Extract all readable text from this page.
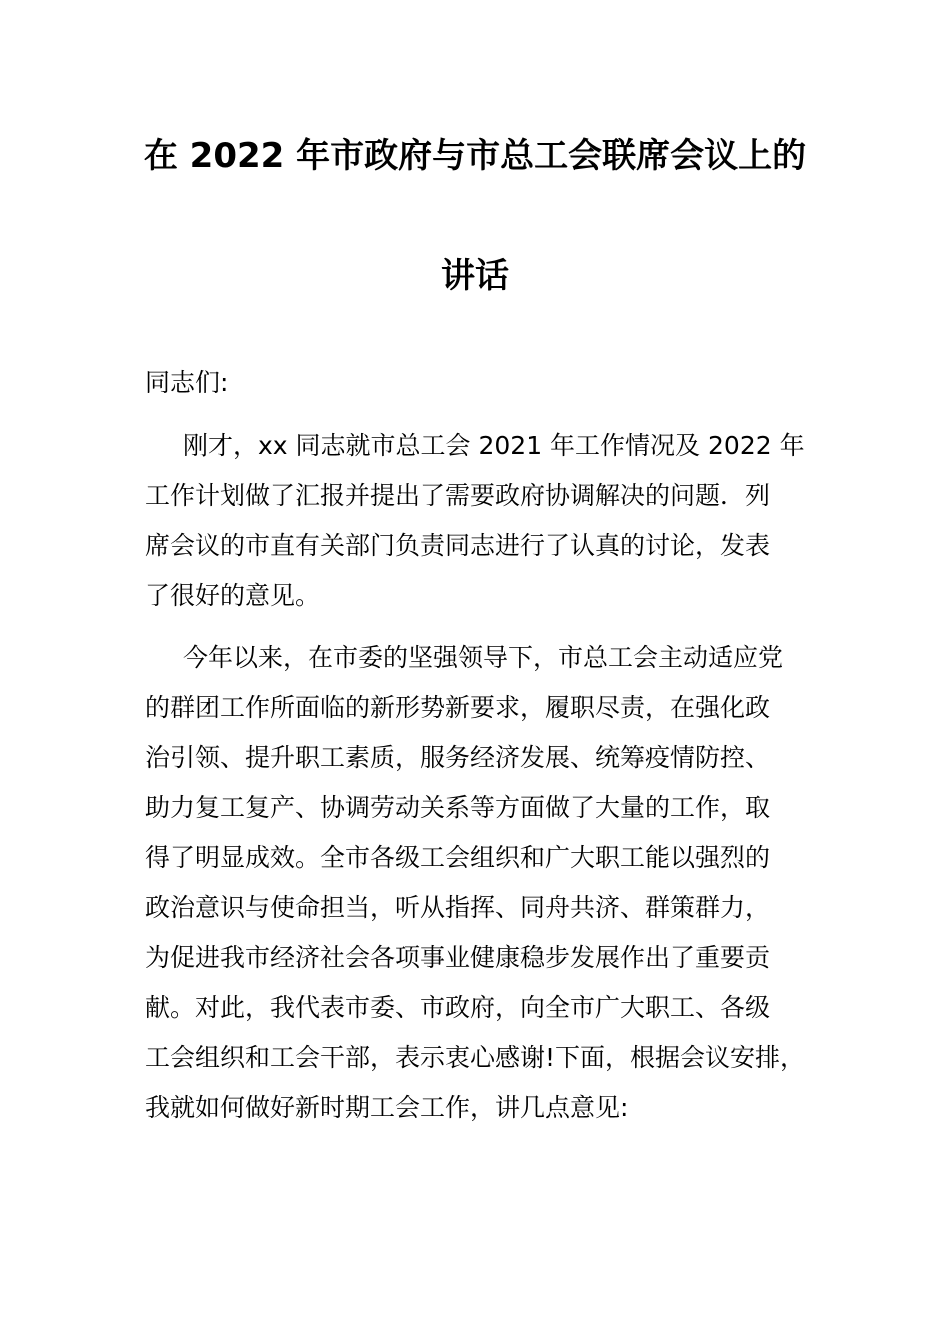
在 2022 年市政府与市总工会联席会议上的
讲话
同志们:
刚才，xx 同志就市总工会 2021 年工作情况及 2022 年
工作计划做了汇报并提出了需要政府协调解决的问题．列
席会议的市直有关部门负责同志进行了认真的讨论，发表
了很好的意见。
今年以来，在市委的坚强领导下，市总工会主动适应党
的群团工作所面临的新形势新要求，履职尽责，在强化政
治引领、提升职工素质，服务经济发展、统筹疫情防控、
助力复工复产、协调劳动关系等方面做了大量的工作，取
得了明显成效。全市各级工会组织和广大职工能以强烈的
政治意识与使命担当，听从指挥、同舟共济、群策群力，
为促进我市经济社会各项事业健康稳步发展作出了重要贡
献。对此，我代表市委、市政府，向全市广大职工、各级
工会组织和工会干部，表示衷心感谢!下面，根据会议安排，
我就如何做好新时期工会工作，讲几点意见:
